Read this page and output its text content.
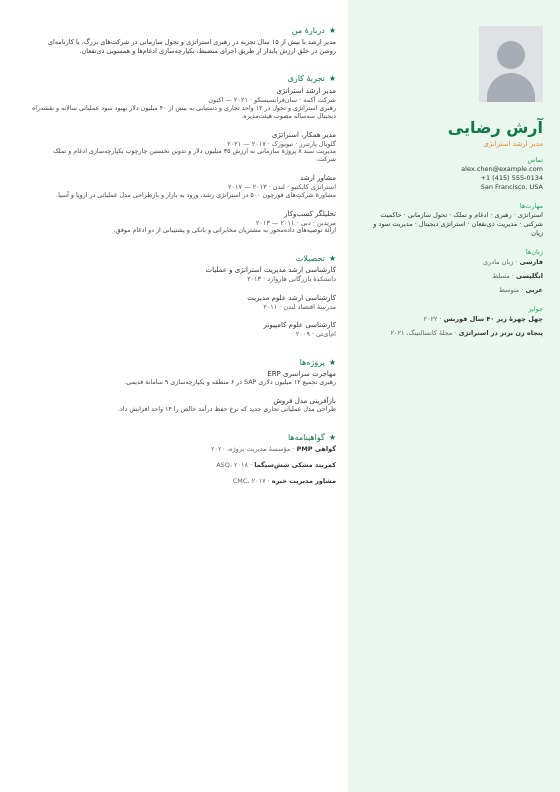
آرش رضایی
مدیر ارشد استراتژی
تماس
alex.chen@example.com
+1 (415) 555-0134
San Francisco, USA
مهارت‌ها
استراتژی · رهبری · ادغام و تملک · تحول سازمانی · حاکمیت شرکتی · مدیریت ذی‌نفعان · استراتژی دیجیتال · مدیریت سود و زیان
زبان‌ها
فارسی · زبان مادری
انگلیسی · مسلط
عربی · متوسط
جوایز
چهل چهرهٔ زیر ۴۰ سال فوربس · ۲۰۲۲
پنجاه زن برتر در استراتژی · مجلهٔ کانسالتینگ، ۲۰۲۱
★دربارهٔ من
مدیر ارشد با بیش از ۱۵ سال تجربه در رهبری استراتژی و تحول سازمانی در شرکت‌های بزرگ، با کارنامه‌ای روشن در خلق ارزش پایدار از طریق اجرای منضبط، یکپارچه‌سازی ادغام‌ها و همسویی ذی‌نفعان.
★تجربهٔ کاری
مدیر ارشد استراتژی
شرکت آکمه · سان‌فرانسیسکو · ۲۰۲۱ — اکنون
رهبری استراتژی و تحول در ۱۲ واحد تجاری و دستیابی به بیش از ۴۰ میلیون دلار بهبود سود عملیاتی سالانه و نقشه‌راه دیجیتال سه‌ساله مصوب هیئت‌مدیره.
مدیر همکار، استراتژی
گلوبال پارتنرز · نیویورک · ۲۰۱۷ — ۲۰۲۱
مدیریت سبد ۸ پروژهٔ سازمانی به ارزش ۳۵ میلیون دلار و تدوین نخستین چارچوب یکپارچه‌سازی ادغام و تملک شرکت.
مشاور ارشد
استراتژی کانکتیو · لندن · ۲۰۱۳ — ۲۰۱۷
مشاورهٔ شرکت‌های فورچون ۵۰۰ در استراتژی رشد، ورود به بازار و بازطراحی مدل عملیاتی در اروپا و آسیا.
تحلیلگر کسب‌وکار
مریدین · دبی · ۲۰۱۱ — ۲۰۱۳
ارائهٔ توصیه‌های داده‌محور به مشتریان مخابراتی و بانکی و پشتیبانی از دو ادغام موفق.
★تحصیلات
کارشناسی ارشد مدیریت استراتژی و عملیات
دانشکدهٔ بازرگانی هاروارد · ۲۰۱۳
کارشناسی ارشد علوم مدیریت
مدرسهٔ اقتصاد لندن · ۲۰۱۱
کارشناسی علوم کامپیوتر
ام‌آی‌تی · ۲۰۰۹
★پروژه‌ها
مهاجرت سراسری ERP
رهبری تجمیع ۱۲ میلیون دلاری SAP در ۶ منطقه و یکپارچه‌سازی ۹ سامانهٔ قدیمی.
بازآفرینی مدل فروش
طراحی مدل عملیاتی تجاری جدید که نرخ حفظ درآمد خالص را ۱۴ واحد افزایش داد.
★گواهینامه‌ها
گواهی PMP · مؤسسهٔ مدیریت پروژه، ۲۰۲۰
کمربند مشکی شش‌سیگما · ASQ، ۲۰۱۸
مشاور مدیریت خبره · CMC، ۲۰۱۷
